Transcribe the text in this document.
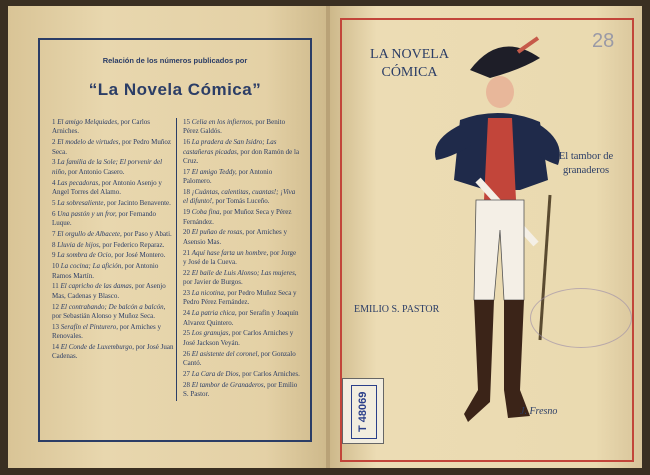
Relación de los números publicados por
“La Novela Cómica”
1 El amigo Melquiades, por Carlos Arniches.
2 El modelo de virtudes, por Pedro Muñoz Seca.
3 La familia de la Sole; El porvenir del niño, por Antonio Casero.
4 Las pecadoras, por Antonio Asenjo y Angel Torres del Alamo.
5 La sobresaliente, por Jacinto Benavente.
6 Una pastón y un fror, por Fernando Luque.
7 El orgullo de Albacete, por Paso y Abati.
8 Lluvia de hijos, por Federico Reparaz.
9 La sombra de Ocio, por José Montero.
10 La cocina; La afición, por Antonio Ramos Martín.
11 El capricho de las damas, por Asenjo Mas, Cadenas y Blasco.
12 El contrabando; De balcón a balcón, por Sebastián Alonso y Muñoz Seca.
13 Serafín el Pinturero, por Arniches y Renovales.
14 El Conde de Luxemburgo, por José Juan Cadenas.
15 Celia en los infiernos, por Benito Pérez Galdós.
16 La pradera de San Isidro; Las castañeras picadas, por don Ramón de la Cruz.
17 El amigo Teddy, por Antonio Palomero.
18 ¡Cuántas, calentitas, cuantas!; ¡Viva el difunto!, por Tomás Luceño.
19 Coba fina, por Muñoz Seca y Pérez Fernández.
20 El puñao de rosas, por Arniches y Asensio Mas.
21 Aquí hase farta un hombre, por Jorge y José de la Cueva.
22 El baile de Luis Alonso; Las mujeres, por Javier de Burgos.
23 La nicotina, por Pedro Muñoz Seca y Pedro Pérez Fernández.
24 La patria chica, por Serafín y Joaquín Alvarez Quintero.
25 Los granujas, por Carlos Arniches y José Jackson Veyán.
26 El asistente del coronel, por Gonzalo Cantó.
27 La Cara de Dios, por Carlos Arniches.
28 El tambor de Granaderos, por Emilio S. Pastor.
28
LA NOVELA
CÓMICA
El tambor de
granaderos
EMILIO S. PASTOR
T 48069	J. Fresno
